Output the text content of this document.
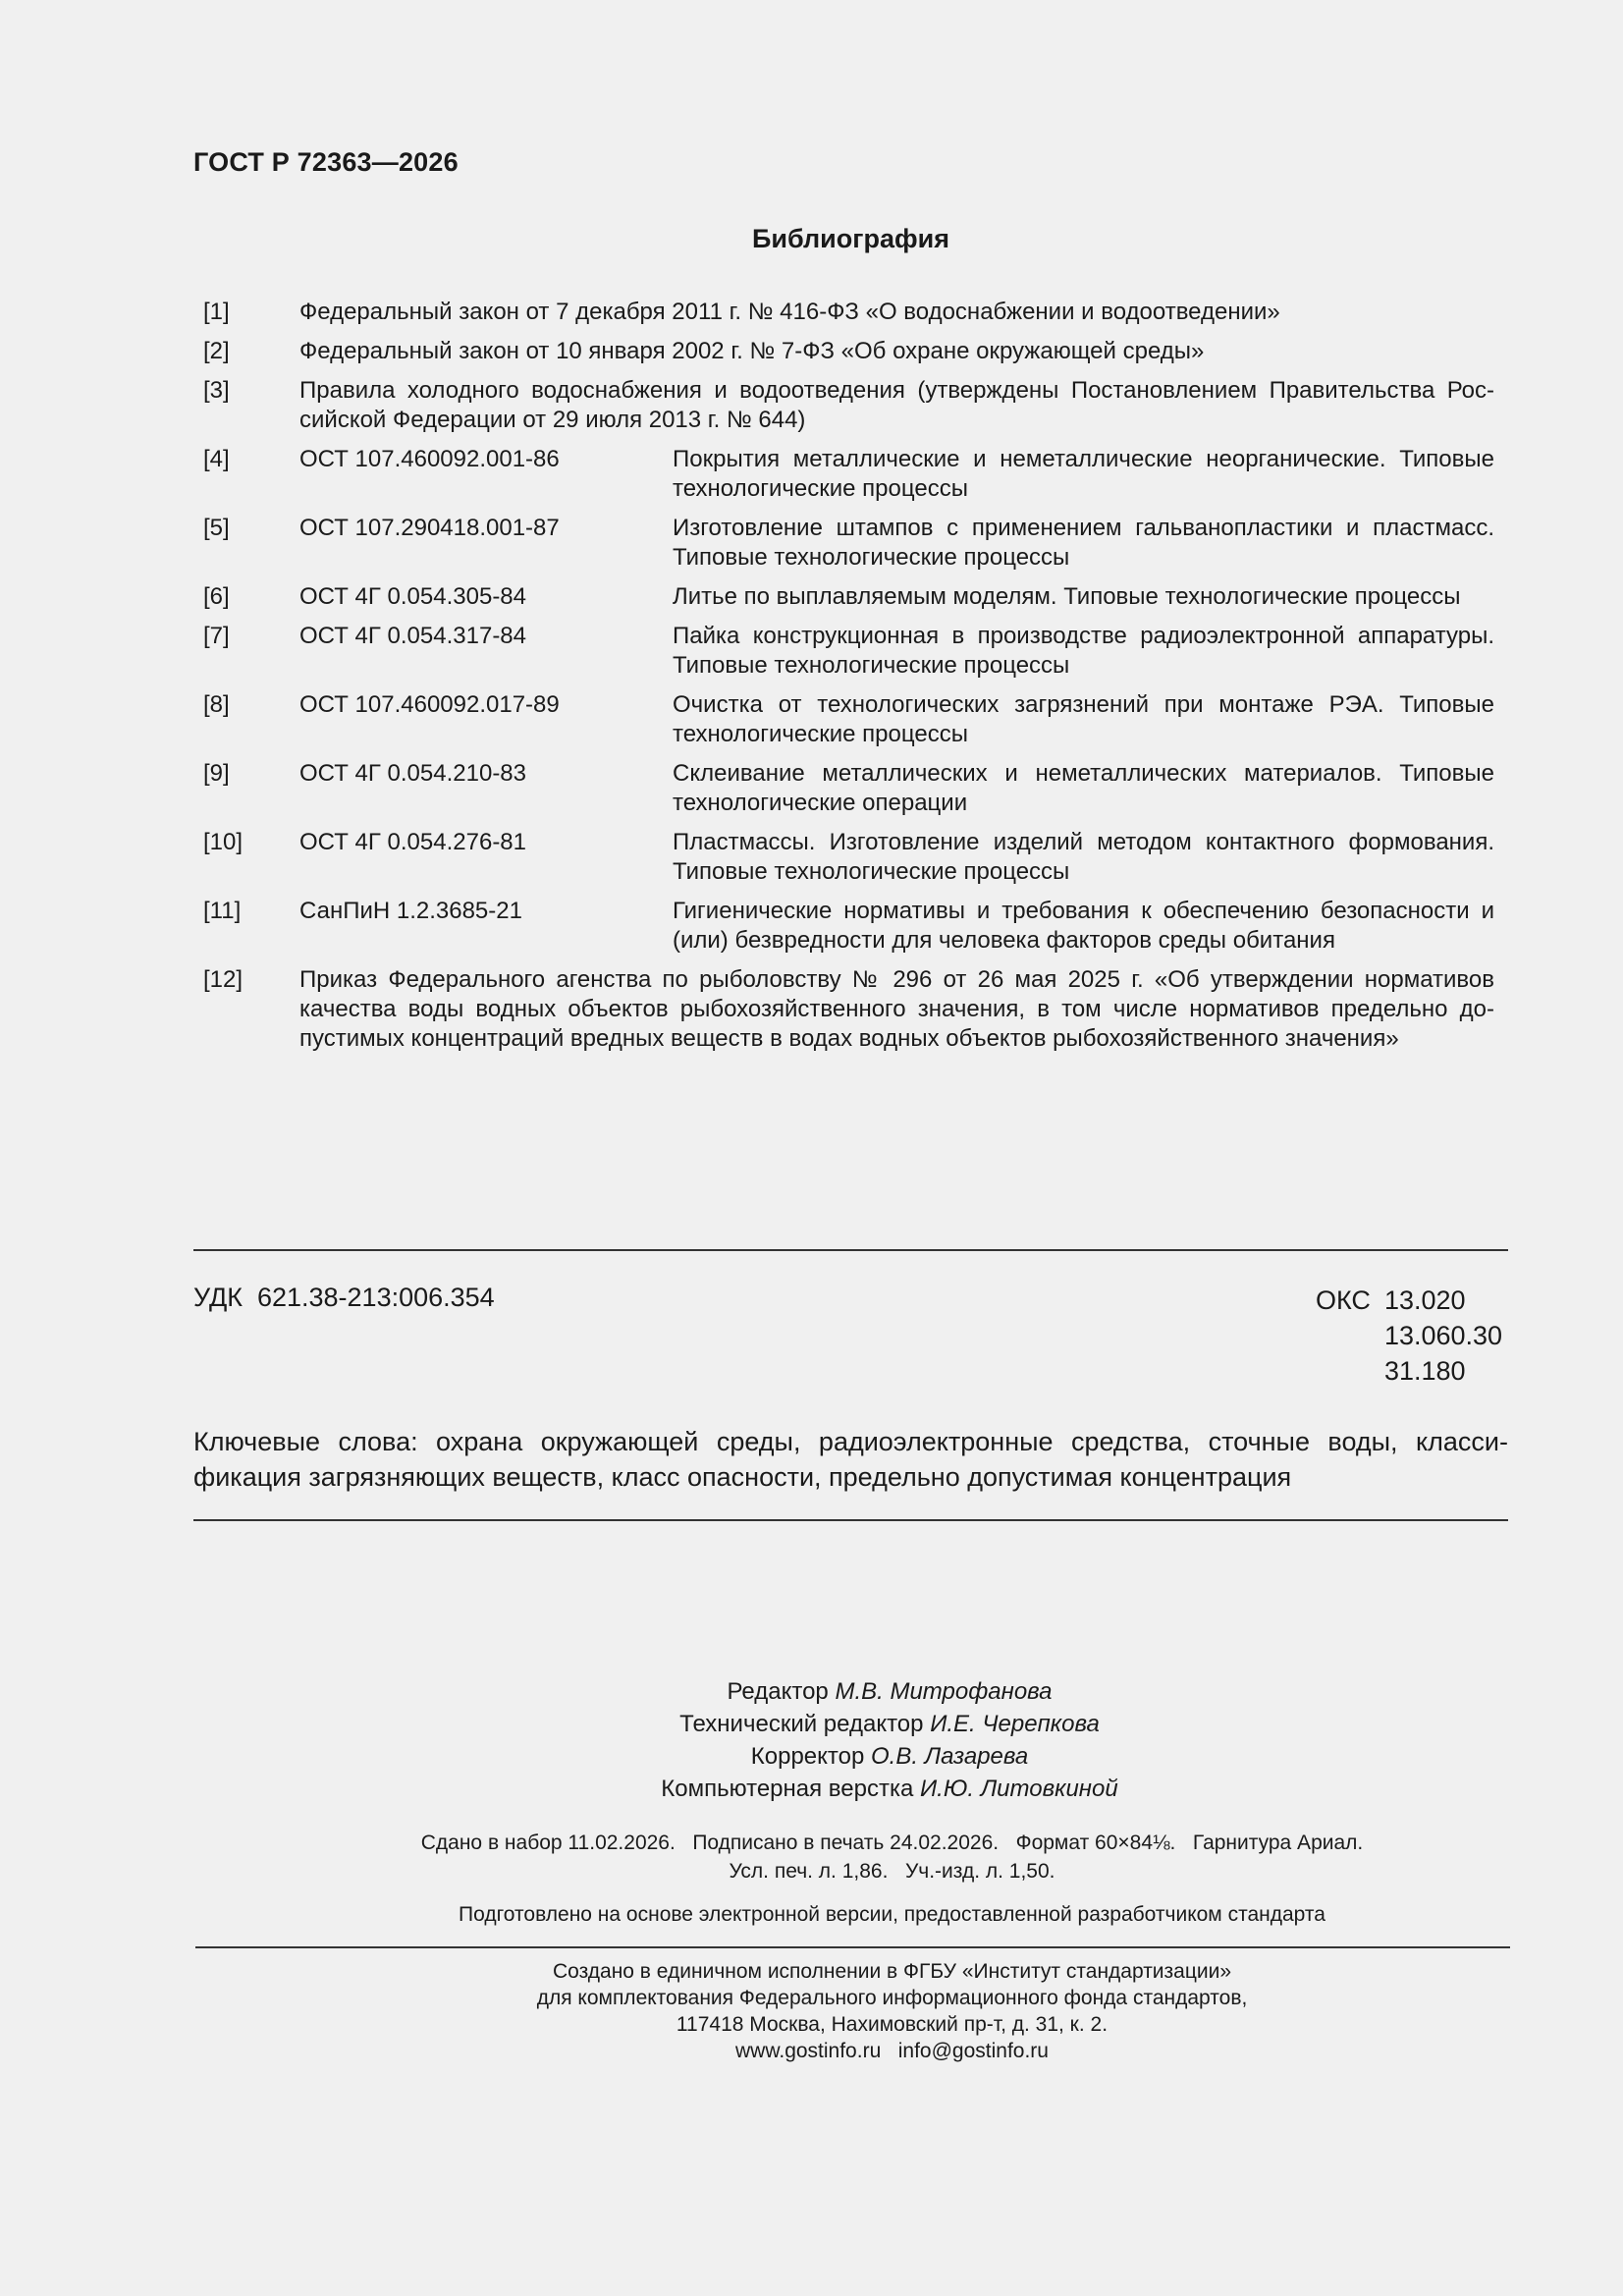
ГОСТ Р 72363—2026
Библиография
[1]	Федеральный закон от 7 декабря 2011 г. № 416-ФЗ «О водоснабжении и водоотведении»
[2]	Федеральный закон от 10 января 2002 г. № 7-ФЗ «Об охране окружающей среды»
[3]	Правила холодного водоснабжения и водоотведения (утверждены Постановлением Правительства Рос-сийской Федерации от 29 июля 2013 г. № 644)
[4]	ОСТ 107.460092.001-86	Покрытия металлические и неметаллические неорганические. Типовые технологические процессы
[5]	ОСТ 107.290418.001-87	Изготовление штампов с применением гальванопластики и пластмасс. Типовые технологические процессы
[6]	ОСТ 4Г 0.054.305-84	Литье по выплавляемым моделям. Типовые технологические процессы
[7]	ОСТ 4Г 0.054.317-84	Пайка конструкционная в производстве радиоэлектронной аппаратуры. Типовые технологические процессы
[8]	ОСТ 107.460092.017-89	Очистка от технологических загрязнений при монтаже РЭА. Типовые технологические процессы
[9]	ОСТ 4Г 0.054.210-83	Склеивание металлических и неметаллических материалов. Типовые технологические операции
[10]	ОСТ 4Г 0.054.276-81	Пластмассы. Изготовление изделий методом контактного формования. Типовые технологические процессы
[11]	СанПиН 1.2.3685-21	Гигиенические нормативы и требования к обеспечению безопасности и (или) безвредности для человека факторов среды обитания
[12]	Приказ Федерального агенства по рыболовству № 296 от 26 мая 2025 г. «Об утверждении нормативов качества воды водных объектов рыбохозяйственного значения, в том числе нормативов предельно до-пустимых концентраций вредных веществ в водах водных объектов рыбохозяйственного значения»
УДК 621.38-213:006.354	ОКС 13.020
13.060.30
31.180
Ключевые слова: охрана окружающей среды, радиоэлектронные средства, сточные воды, класси-фикация загрязняющих веществ, класс опасности, предельно допустимая концентрация
Редактор М.В. Митрофанова
Технический редактор И.Е. Черепкова
Корректор О.В. Лазарева
Компьютерная верстка И.Ю. Литовкиной
Сдано в набор 11.02.2026.   Подписано в печать 24.02.2026.   Формат 60×84⅛.   Гарнитура Ариал.
Усл. печ. л. 1,86.   Уч.-изд. л. 1,50.
Подготовлено на основе электронной версии, предоставленной разработчиком стандарта
Создано в единичном исполнении в ФГБУ «Институт стандартизации»
для комплектования Федерального информационного фонда стандартов,
117418 Москва, Нахимовский пр-т, д. 31, к. 2.
www.gostinfo.ru   info@gostinfo.ru
